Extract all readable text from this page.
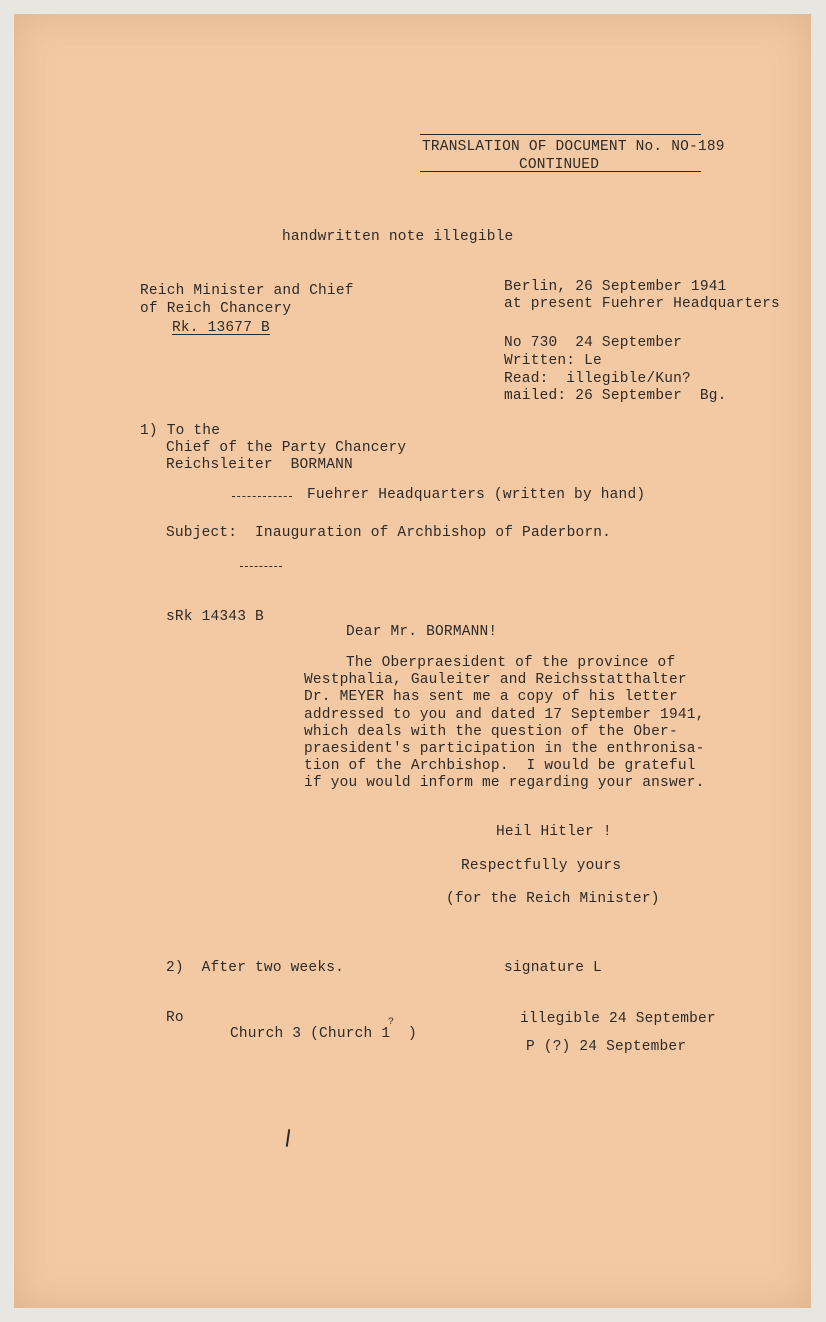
TRANSLATION OF DOCUMENT No. NO-189
CONTINUED
handwritten note illegible
Reich Minister and Chief
of Reich Chancery
Rk. 13677 B
Berlin, 26 September 1941
at present Fuehrer Headquarters
No 730  24 September
Written: Le
Read:  illegible/Kun?
mailed: 26 September  Bg.
1) To the
Chief of the Party Chancery
Reichsleiter  BORMANN
Fuehrer Headquarters (written by hand)
Subject:  Inauguration of Archbishop of Paderborn.
sRk 14343 B
Dear Mr. BORMANN!
The Oberpraesident of the province of
Westphalia, Gauleiter and Reichsstatthalter
Dr. MEYER has sent me a copy of his letter
addressed to you and dated 17 September 1941,
which deals with the question of the Ober-
praesident's participation in the enthronisa-
tion of the Archbishop.  I would be grateful
if you would inform me regarding your answer.
Heil Hitler !
Respectfully yours
(for the Reich Minister)
2)  After two weeks.	signature L
Ro
Church 3 (Church 1  )
?	illegible 24 September
P (?) 24 September
